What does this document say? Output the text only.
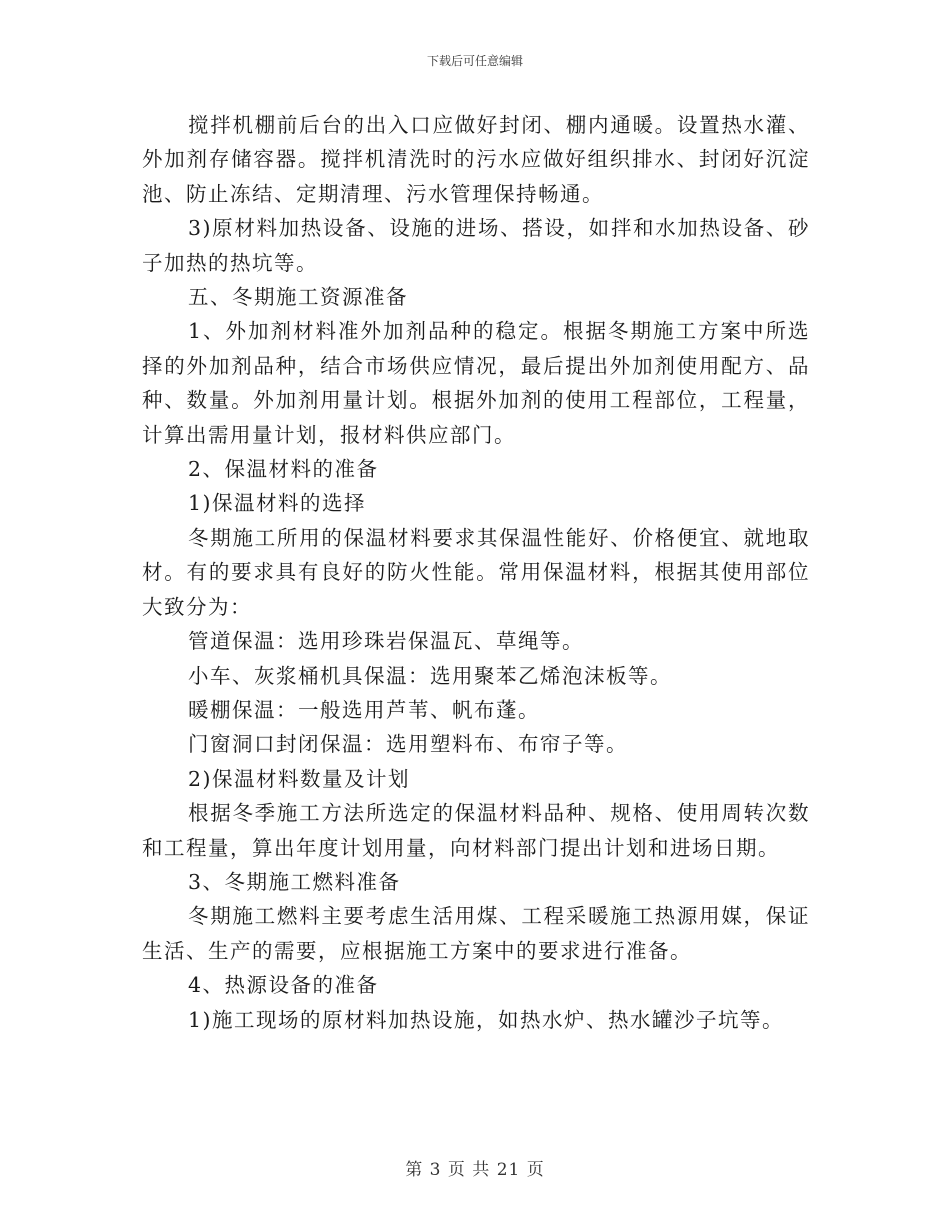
下载后可任意编辑

搅拌机棚前后台的出入口应做好封闭、棚内通暖。设置热水灌、外加剂存储容器。搅拌机清洗时的污水应做好组织排水、封闭好沉淀池、防止冻结、定期清理、污水管理保持畅通。

3)原材料加热设备、设施的进场、搭设，如拌和水加热设备、砂子加热的热坑等。

五、冬期施工资源准备

1、外加剂材料准外加剂品种的稳定。根据冬期施工方案中所选择的外加剂品种，结合市场供应情况，最后提出外加剂使用配方、品种、数量。外加剂用量计划。根据外加剂的使用工程部位，工程量，计算出需用量计划，报材料供应部门。

2、保温材料的准备

1)保温材料的选择

冬期施工所用的保温材料要求其保温性能好、价格便宜、就地取材。有的要求具有良好的防火性能。常用保温材料，根据其使用部位大致分为：

管道保温：选用珍珠岩保温瓦、草绳等。

小车、灰浆桶机具保温：选用聚苯乙烯泡沫板等。

暖棚保温：一般选用芦苇、帆布蓬。

门窗洞口封闭保温：选用塑料布、布帘子等。

2)保温材料数量及计划

根据冬季施工方法所选定的保温材料品种、规格、使用周转次数和工程量，算出年度计划用量，向材料部门提出计划和进场日期。

3、冬期施工燃料准备

冬期施工燃料主要考虑生活用煤、工程采暖施工热源用媒，保证生活、生产的需要，应根据施工方案中的要求进行准备。

4、热源设备的准备

1)施工现场的原材料加热设施，如热水炉、热水罐沙子坑等。

第 3 页 共 21 页
